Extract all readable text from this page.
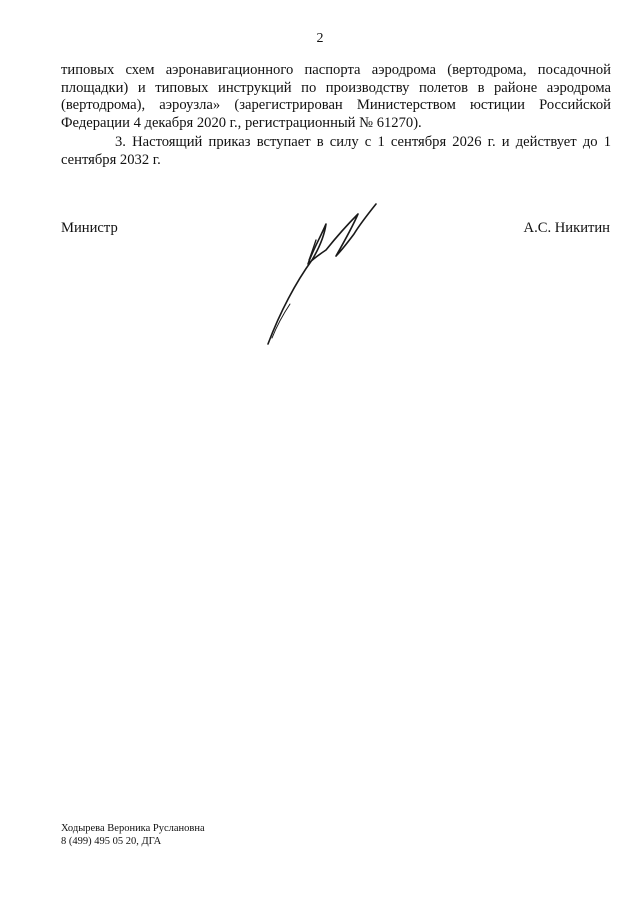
2

типовых схем аэронавигационного паспорта аэродрома (вертодрома, посадочной площадки) и типовых инструкций по производству полетов в районе аэродрома (вертодрома), аэроузла» (зарегистрирован Министерством юстиции Российской Федерации 4 декабря 2020 г., регистрационный № 61270).

3. Настоящий приказ вступает в силу с 1 сентября 2026 г. и действует до 1 сентября 2032 г.

Министр	А.С. Никитин
Ходырева Вероника Руслановна
8 (499) 495 05 20, ДГА
